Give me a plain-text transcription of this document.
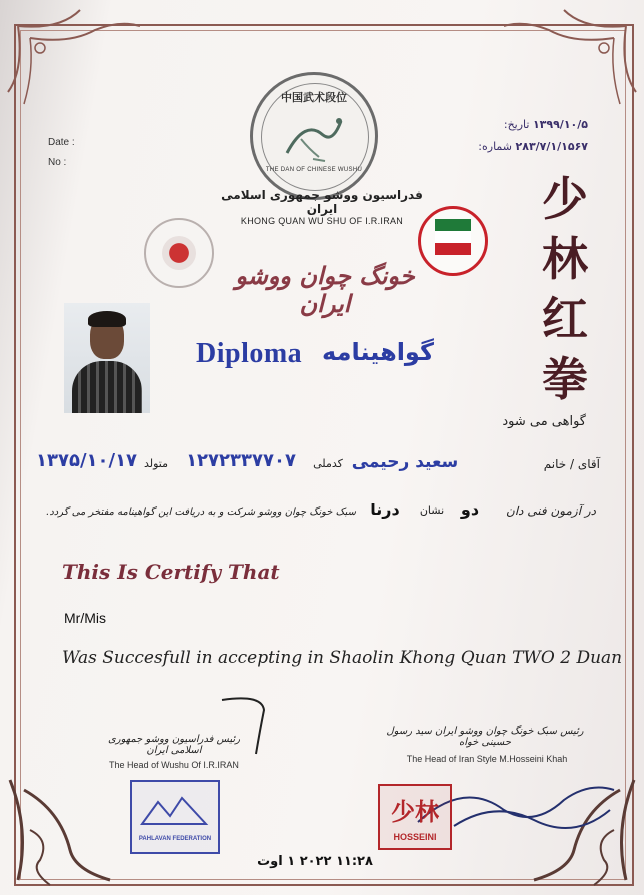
Date :
No :
تاریخ: ۱۳۹۹/۱۰/۵
شماره: ۲۸۳/۷/۱/۱۵۶۷
中国武术段位
THE DAN OF CHINESE WUSHU
فدراسیون ووشو جمهوری اسلامی ایران
KHONG QUAN WU SHU OF I.R.IRAN
خونگ چوان ووشو ایران
少
林
红
拳
Diploma گواهینامه
گواهی می شود
آقای / خانم
سعید رحیمی
کدملی
۱۲۷۲۳۳۷۷۰۷
متولد
۱۳۷۵/۱۰/۱۷
در آزمون فنی دان
دو
نشان
درنا
سبک خونگ چوان ووشو شرکت و به دریافت این گواهینامه مفتخر می گردد.
This Is Certify That
Mr/Mis
Was Succesfull in accepting in Shaolin Khong Quan TWO 2 Duan
رئیس فدراسیون ووشو جمهوری اسلامی ایران
The Head of Wushu Of I.R.IRAN
رئیس سبک خونگ چوان ووشو ایران سید رسول حسینی خواه
The Head of Iran Style M.Hosseini Khah
PAHLAVAN FEDERATION
少林
HOSSEINI
۱۱:۲۸ ۲۰۲۲ ۱ اوت
